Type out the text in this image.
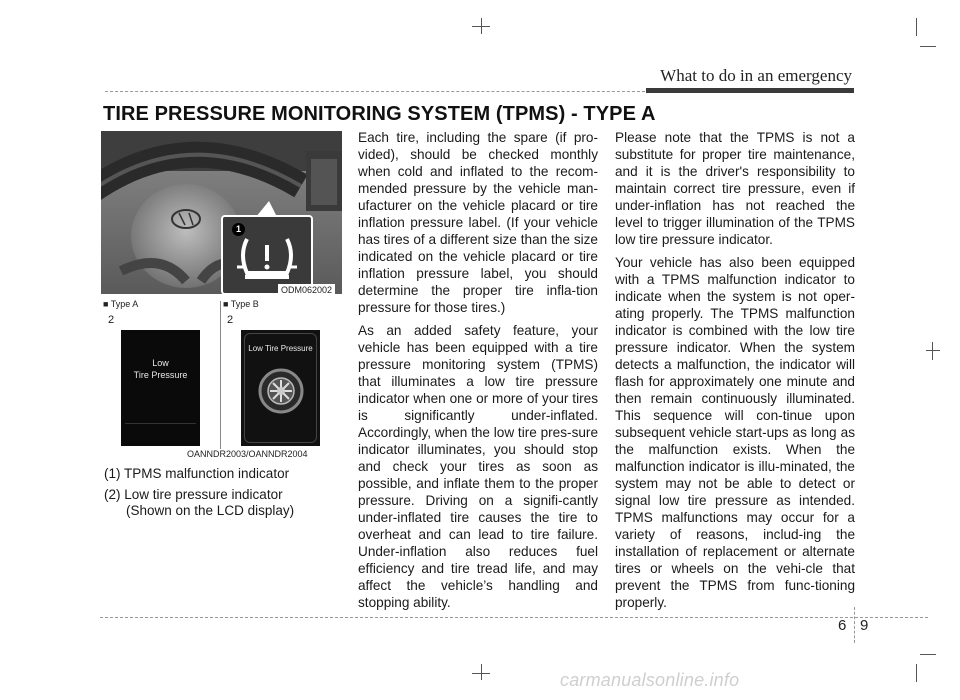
What to do in an emergency
TIRE PRESSURE MONITORING SYSTEM (TPMS) - TYPE A
1
ODM062002
■ Type A	■ Type B
2	2
Low
Tire Pressure
Low Tire Pressure
OANNDR2003/OANNDR2004
(1) TPMS malfunction indicator
(2) Low tire pressure indicator
(Shown on the LCD display)

Each tire, including the spare (if pro-vided), should be checked monthly when cold and inflated to the recom-mended pressure by the vehicle man-ufacturer on the vehicle placard or tire inflation pressure label. (If your vehicle has tires of a different size than the size indicated on the vehicle placard or tire inflation pressure label, you should determine the proper tire infla-tion pressure for those tires.)

As an added safety feature, your vehicle has been equipped with a tire pressure monitoring system (TPMS) that illuminates a low tire pressure indicator when one or more of your tires is significantly under-inflated. Accordingly, when the low tire pres-sure indicator illuminates, you should stop and check your tires as soon as possible, and inflate them to the proper pressure. Driving on a signifi-cantly under-inflated tire causes the tire to overheat and can lead to tire failure. Under-inflation also reduces fuel efficiency and tire tread life, and may affect the vehicle’s handling and stopping ability.

Please note that the TPMS is not a substitute for proper tire maintenance, and it is the driver's responsibility to maintain correct tire pressure, even if under-inflation has not reached the level to trigger illumination of the TPMS low tire pressure indicator.

Your vehicle has also been equipped with a TPMS malfunction indicator to indicate when the system is not oper-ating properly. The TPMS malfunction indicator is combined with the low tire pressure indicator. When the system detects a malfunction, the indicator will flash for approximately one minute and then remain continuously illuminated. This sequence will con-tinue upon subsequent vehicle start-ups as long as the malfunction exists. When the malfunction indicator is illu-minated, the system may not be able to detect or signal low tire pressure as intended. TPMS malfunctions may occur for a variety of reasons, includ-ing the installation of replacement or alternate tires or wheels on the vehi-cle that prevent the TPMS from func-tioning properly.

6 9
carmanualsonline.info
